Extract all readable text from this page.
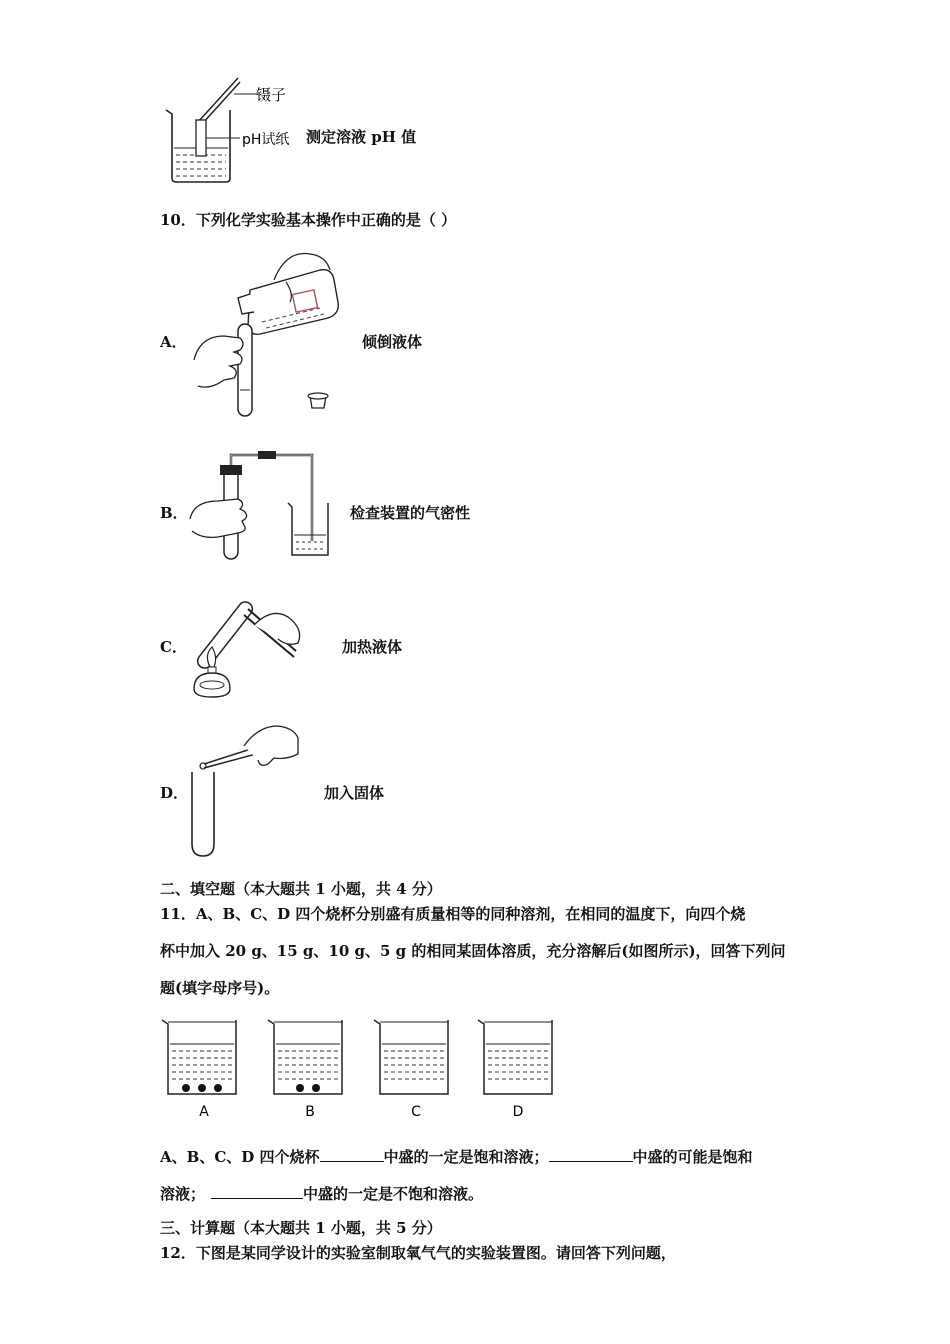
镊子
pH试纸 测定溶液 pH 值
10．下列化学实验基本操作中正确的是（ ）
A．	倾倒液体
B．	检查装置的气密性
C．	加热液体
D．	加入固体
二、填空题（本大题共 1 小题，共 4 分）
11．A、B、C、D 四个烧杯分别盛有质量相等的同种溶剂，在相同的温度下，向四个烧
杯中加入 20 g、15 g、10 g、5 g 的相同某固体溶质，充分溶解后(如图所示)，回答下列问
题(填字母序号)。
A	B	C	D
A、B、C、D 四个烧杯	中盛的一定是饱和溶液；	中盛的可能是饱和
溶液；	中盛的一定是不饱和溶液。
三、计算题（本大题共 1 小题，共 5 分）
12．下图是某同学设计的实验室制取氧气气的实验装置图。请回答下列问题，
